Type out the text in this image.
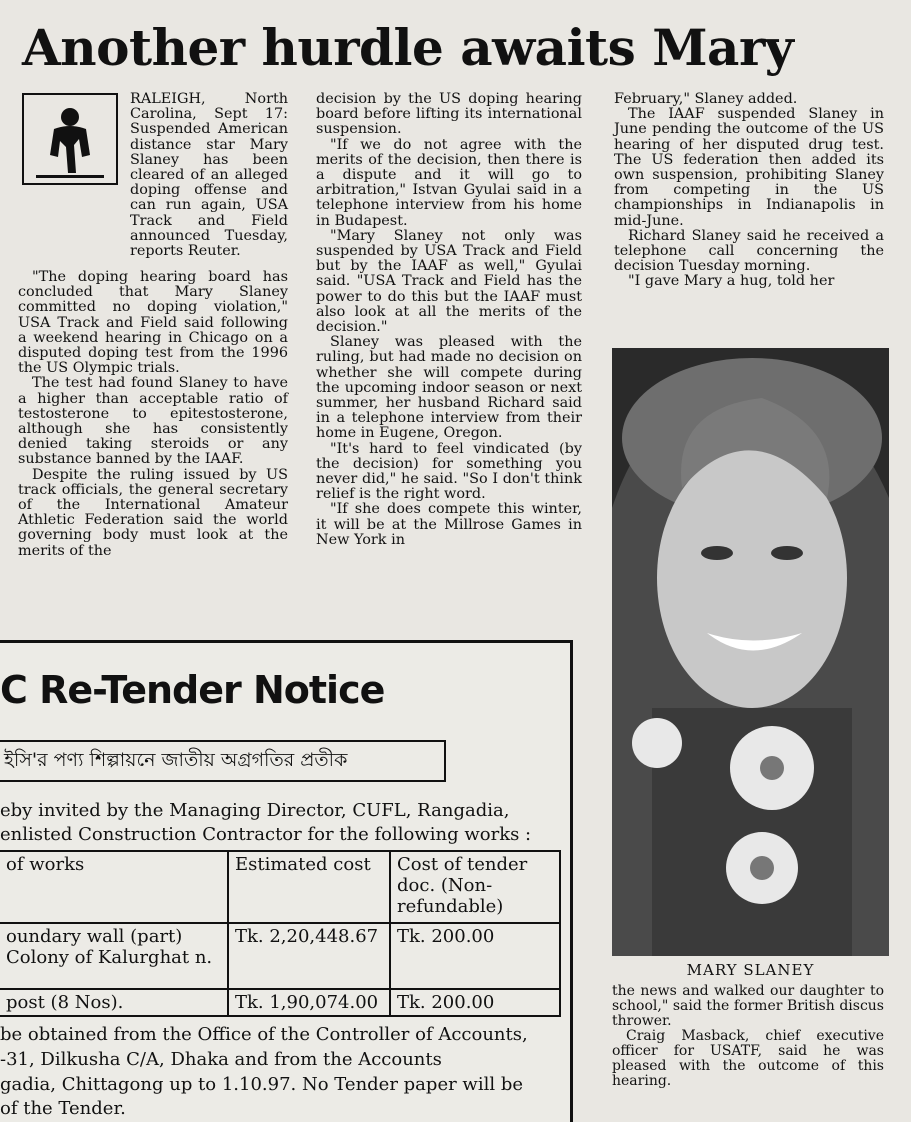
Another hurdle awaits Mary

RALEIGH, North Carolina, Sept 17: Suspended American distance star Mary Slaney has been cleared of an alleged doping offense and can run again, USA Track and Field announced Tuesday, reports Reuter.

"The doping hearing board has concluded that Mary Slaney committed no doping violation," USA Track and Field said following a weekend hearing in Chicago on a disputed doping test from the 1996 the US Olympic trials.

The test had found Slaney to have a higher than acceptable ratio of testosterone to epitestosterone, although she has consistently denied taking steroids or any substance banned by the IAAF.

Despite the ruling issued by US track officials, the general secretary of the International Amateur Athletic Federation said the world governing body must look at the merits of the

decision by the US doping hearing board before lifting its international suspension.

"If we do not agree with the merits of the decision, then there is a dispute and it will go to arbitration," Istvan Gyulai said in a telephone interview from his home in Budapest.

"Mary Slaney not only was suspended by USA Track and Field but by the IAAF as well," Gyulai said. "USA Track and Field has the power to do this but the IAAF must also look at all the merits of the decision."

Slaney was pleased with the ruling, but had made no decision on whether she will compete during the upcoming indoor season or next summer, her husband Richard said in a telephone interview from their home in Eugene, Oregon.

"It's hard to feel vindicated (by the decision) for something you never did," he said. "So I don't think relief is the right word.

"If she does compete this winter, it will be at the Millrose Games in New York in

February," Slaney added.

The IAAF suspended Slaney in June pending the outcome of the US hearing of her disputed drug test. The US federation then added its own suspension, prohibiting Slaney from competing in the US championships in Indianapolis in mid-June.

Richard Slaney said he received a telephone call concerning the decision Tuesday morning.

"I gave Mary a hug, told her

MARY SLANEY

the news and walked our daughter to school," said the former British discus thrower.

Craig Masback, chief executive officer for USATF, said he was pleased with the outcome of this hearing.

C Re-Tender Notice
ইসি'র পণ্য শিল্পায়নে জাতীয় অগ্রগতির প্রতীক
eby invited by the Managing Director, CUFL, Rangadia,
enlisted Construction Contractor for the following works :
of works	Estimated cost	Cost of tender doc. (Non-refundable)
oundary wall (part) Colony of Kalurghat n.	Tk. 2,20,448.67	Tk. 200.00
post (8 Nos).	Tk. 1,90,074.00	Tk. 200.00
be obtained from the Office of the Controller of Accounts,
-31, Dilkusha C/A, Dhaka and from the Accounts
gadia, Chittagong up to 1.10.97. No Tender paper will be
of the Tender.
